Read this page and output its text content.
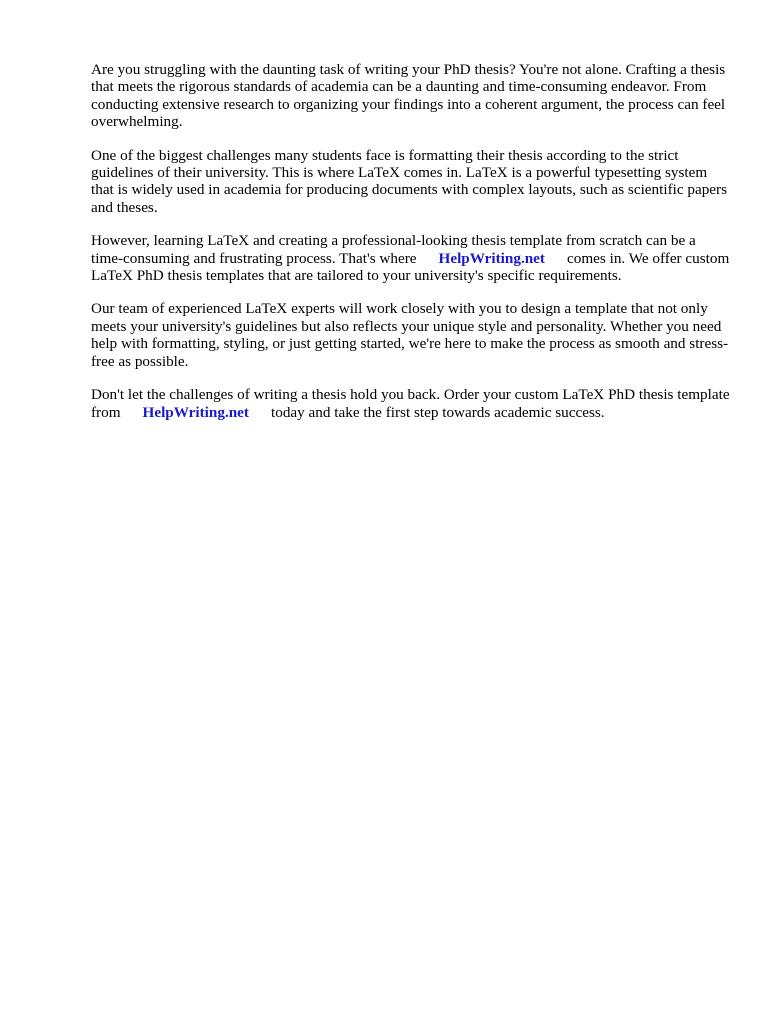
Are you struggling with the daunting task of writing your PhD thesis? You're not alone. Crafting a thesis that meets the rigorous standards of academia can be a daunting and time-consuming endeavor. From conducting extensive research to organizing your findings into a coherent argument, the process can feel overwhelming.

One of the biggest challenges many students face is formatting their thesis according to the strict guidelines of their university. This is where LaTeX comes in. LaTeX is a powerful typesetting system that is widely used in academia for producing documents with complex layouts, such as scientific papers and theses.

However, learning LaTeX and creating a professional-looking thesis template from scratch can be a time-consuming and frustrating process. That's where HelpWriting.net comes in. We offer custom LaTeX PhD thesis templates that are tailored to your university's specific requirements.

Our team of experienced LaTeX experts will work closely with you to design a template that not only meets your university's guidelines but also reflects your unique style and personality. Whether you need help with formatting, styling, or just getting started, we're here to make the process as smooth and stress-free as possible.

Don't let the challenges of writing a thesis hold you back. Order your custom LaTeX PhD thesis template from HelpWriting.net today and take the first step towards academic success.
